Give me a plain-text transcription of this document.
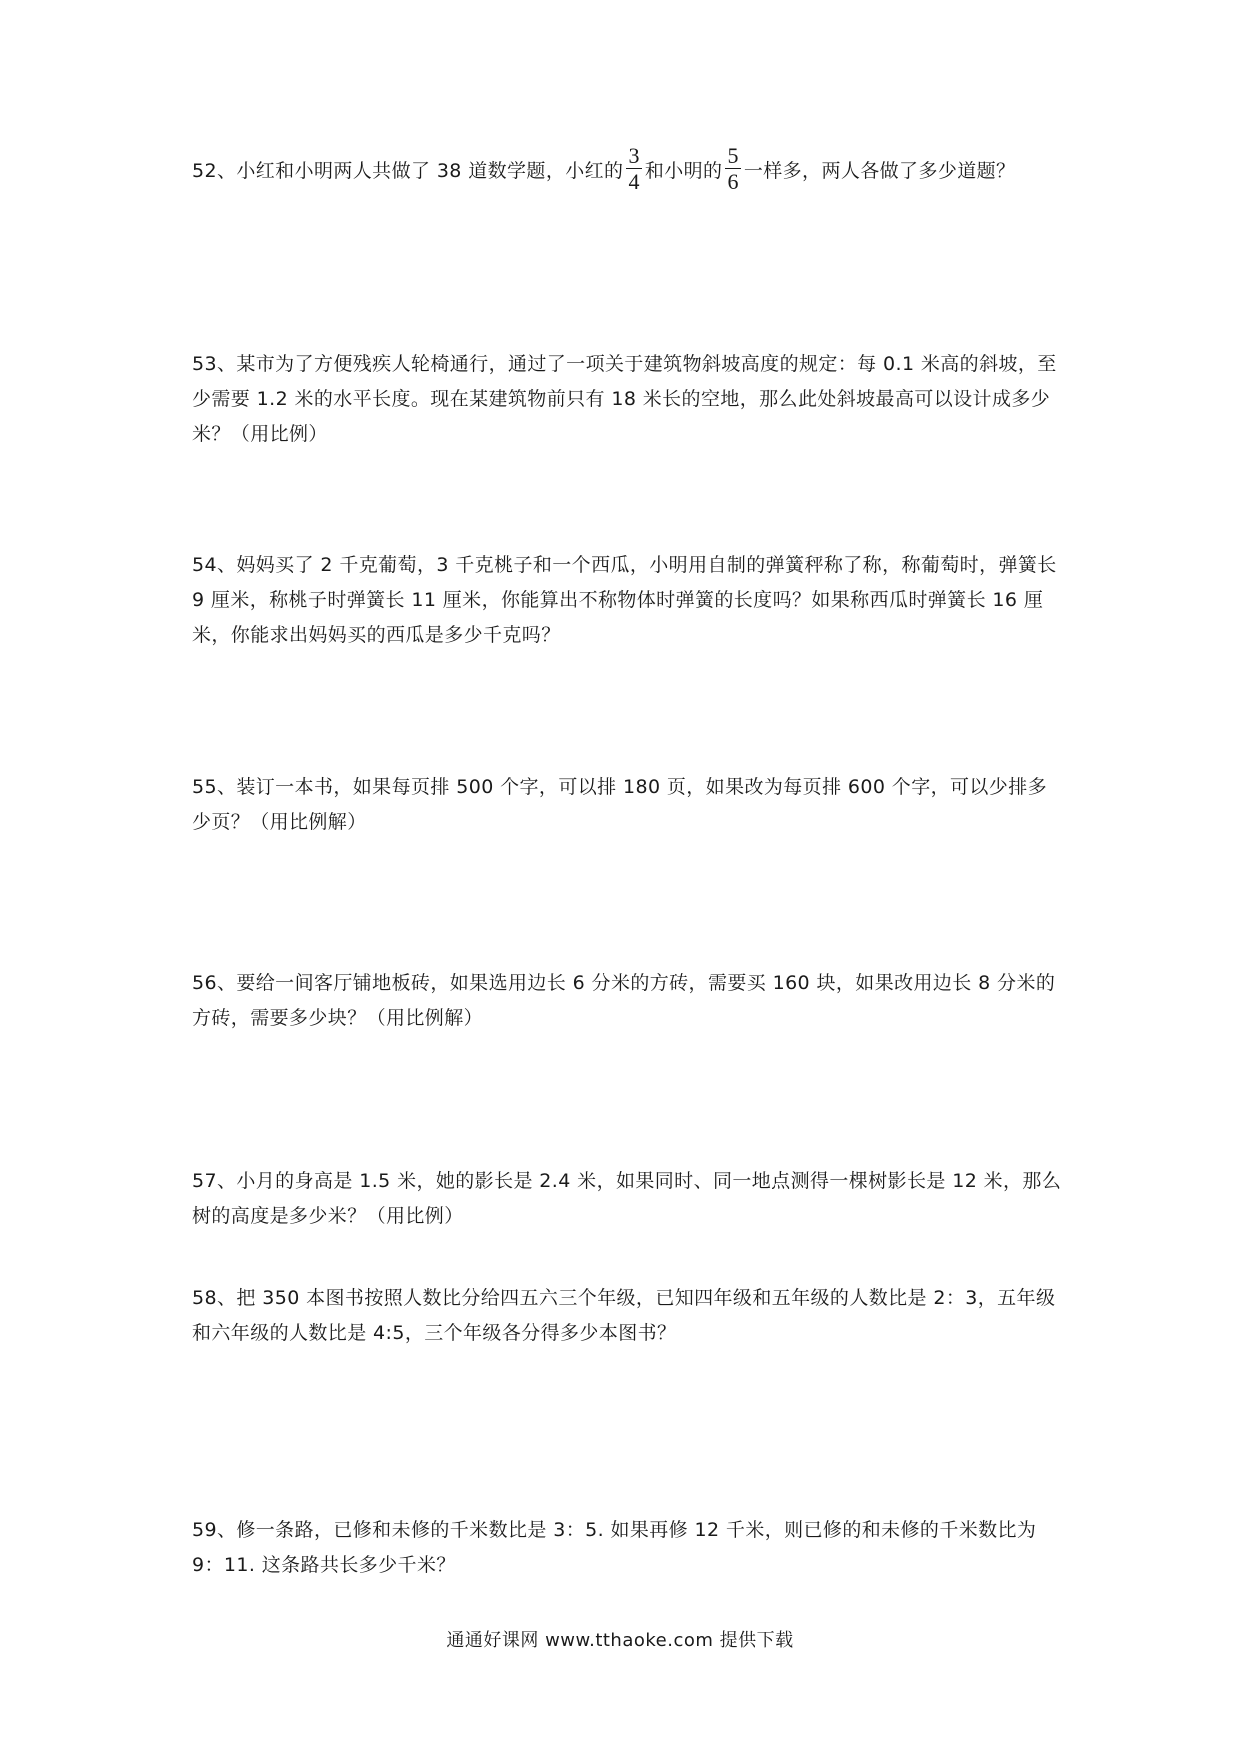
52、小红和小明两人共做了 38 道数学题，小红的 $\frac{3}{4}$ 和小明的 $\frac{5}{6}$ 一样多，两人各做了多少道题？
53、某市为了方便残疾人轮椅通行，通过了一项关于建筑物斜坡高度的规定：每 0.1 米高的斜坡，至少需要 1.2 米的水平长度。现在某建筑物前只有 18 米长的空地，那么此处斜坡最高可以设计成多少米？（用比例）
54、妈妈买了 2 千克葡萄，3 千克桃子和一个西瓜，小明用自制的弹簧秤称了称，称葡萄时，弹簧长 9 厘米，称桃子时弹簧长 11 厘米，你能算出不称物体时弹簧的长度吗？如果称西瓜时弹簧长 16 厘米，你能求出妈妈买的西瓜是多少千克吗？
55、装订一本书，如果每页排 500 个字，可以排 180 页，如果改为每页排 600 个字，可以少排多少页？（用比例解）
56、要给一间客厅铺地板砖，如果选用边长 6 分米的方砖，需要买 160 块，如果改用边长 8 分米的方砖，需要多少块？（用比例解）
57、小月的身高是 1.5 米，她的影长是 2.4 米，如果同时、同一地点测得一棵树影长是 12 米，那么树的高度是多少米？（用比例）
58、把 350 本图书按照人数比分给四五六三个年级，已知四年级和五年级的人数比是 2：3，五年级和六年级的人数比是 4:5，三个年级各分得多少本图书？
59、修一条路，已修和未修的千米数比是 3：5. 如果再修 12 千米，则已修的和未修的千米数比为 9：11. 这条路共长多少千米？
通通好课网 www.tthaoke.com 提供下载
